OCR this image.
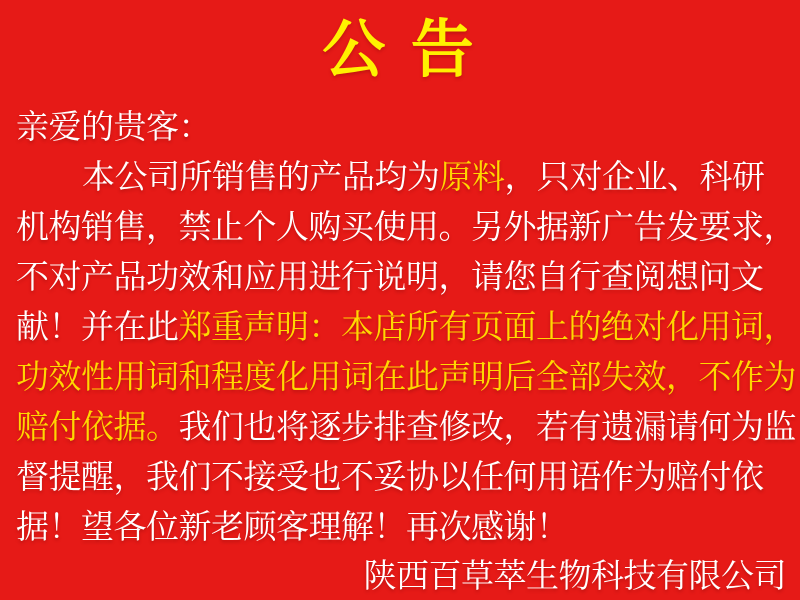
公 告
亲爱的贵客：
本公司所销售的产品均为原料，只对企业、科研
机构销售，禁止个人购买使用。另外据新广告发要求，
不对产品功效和应用进行说明，请您自行查阅想问文
献！并在此郑重声明：本店所有页面上的绝对化用词，
功效性用词和程度化用词在此声明后全部失效，不作为
赔付依据。我们也将逐步排查修改，若有遗漏请何为监
督提醒，我们不接受也不妥协以任何用语作为赔付依
据！望各位新老顾客理解！再次感谢！
陕西百草萃生物科技有限公司
